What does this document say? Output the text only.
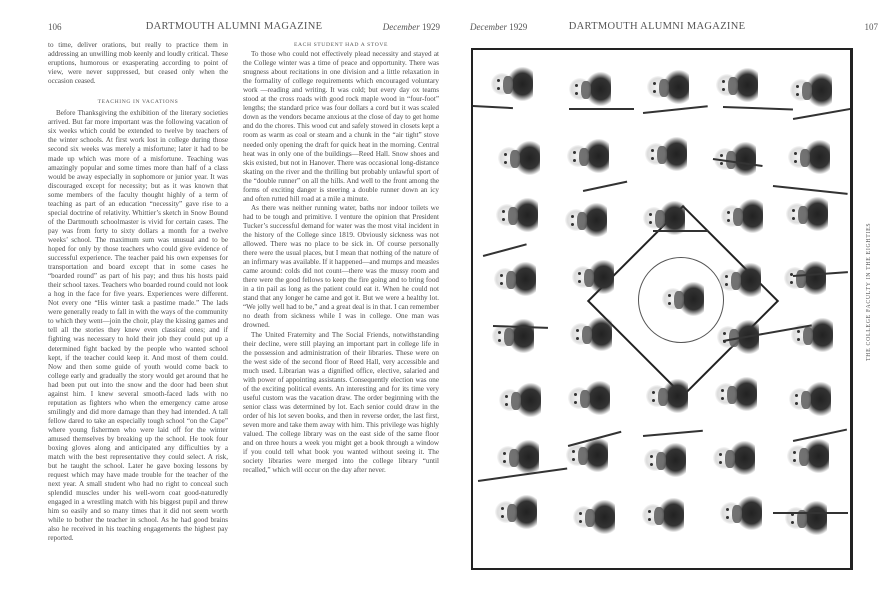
106	DARTMOUTH ALUMNI MAGAZINE	December 1929

to time, deliver orations, but really to practice them in addressing an unwilling mob keenly and loudly critical. These eruptions, humorous or exasperating according to point of view, were never suppressed, but ceased only when the occasion ceased.

TEACHING IN VACATIONS

Before Thanksgiving the exhibition of the literary societies arrived. But far more important was the following vacation of six weeks which could be extended to twelve by teachers of the winter schools. At first work lost in college during those second six weeks was merely a misfortune; later it had to be made up which was more of a misfortune. Teaching was amazingly popular and some times more than half of a class would be away especially in sophomore or junior year. It was discouraged except for necessity; but as it was known that some members of the faculty thought highly of a term of teaching as part of an education “necessity” gave rise to a special doctrine of relativity. Whittier’s sketch in Snow Bound of the Dartmouth schoolmaster is vivid for certain cases. The pay was from forty to sixty dollars a month for a twelve weeks’ school. The maximum sum was unusual and to be hoped for only by those teachers who could give evidence of successful experience. The teacher paid his own expenses for transportation and board except that in some cases he “boarded round” as part of his pay; and thus his hosts paid their school taxes. Teachers who boarded round could not look a hog in the face for five years. Experiences were different. Not every one “His winter task a pastime made.” The lads were generally ready to fall in with the ways of the community to which they went—join the choir, play the kissing games and tell all the stories they knew even classical ones; and if fighting was necessary to hold their job they could put up a determined fight backed by the people who wanted school kept, if the teacher could keep it. And most of them could. Now and then some guide of youth would come back to college early and gradually the story would get around that he had been put out into the snow and the door had been shut against him. I knew several smooth-faced lads with no reputation as fighters who when the emergency came arose smilingly and did more damage than they had intended. A tall fellow dared to take an especially tough school “on the Cape” where young fishermen who were laid off for the winter amused themselves by breaking up the school. He took four boxing gloves along and anticipated any difficulties by a match with the best representative they could select. A risk, but he taught the school. Later he gave boxing lessons by request which may have made trouble for the teacher of the next year. A small student who had no right to conceal such splendid muscles under his well-worn coat good-naturedly engaged in a wrestling match with his biggest pupil and threw him so easily and so many times that it did not seem worth while to bother the teacher in school. As he had good brains also he received in his teaching engagements the highest pay reported.

EACH STUDENT HAD A STOVE

To those who could not effectively plead necessity and stayed at the College winter was a time of peace and opportunity. There was snugness about recitations in one division and a little relaxation in the formality of college requirements which encouraged voluntary work —reading and writing. It was cold; but every day ox teams stood at the cross roads with good rock maple wood in “four-foot” lengths; the standard price was four dollars a cord but it was scaled down as the vendors became anxious at the close of day to get home and do the chores. This wood cut and safely stowed in closets kept a room as warm as coal or steam and a chunk in the “air tight” stove needed only opening the draft for quick heat in the morning. Central heat was in only one of the buildings—Reed Hall. Snow shoes and skis existed, but not in Hanover. There was occasional long-distance skating on the river and the thrilling but probably unlawful sport of the “double runner” on all the hills. And well to the front among the forms of exciting danger is steering a double runner down an icy and often rutted hill road at a mile a minute.

As there was neither running water, baths nor indoor toilets we had to be tough and primitive. I venture the opinion that President Tucker’s successful demand for water was the most vital incident in the history of the College since 1819. Obviously sickness was not allowed. There was no place to be sick in. Of course personally there were the usual places, but I mean that nothing of the nature of an infirmary was available. If it happened—and mumps and measles came around: colds did not count—there was the mussy room and there were the good fellows to keep the fire going and to bring food in a tin pail as long as the patient could eat it. When he could not stand that any longer he came and got it. But we were a healthy lot. “We jolly well had to be,” and a great deal is in that. I can remember no death from sickness while I was in college. One man was drowned.

The United Fraternity and The Social Friends, notwithstanding their decline, were still playing an important part in college life in the possession and administration of their libraries. These were on the west side of the second floor of Reed Hall, very accessible and much used. Librarian was a dignified office, elective, salaried and with power of appointing assistants. Consequently election was one of the exciting political events. An interesting and for its time very useful custom was the vacation draw. The order beginning with the senior class was determined by lot. Each senior could draw in the order of his lot seven books, and then in reverse order, the last first, seven more and take them away with him. This privilege was highly valued. The college library was on the east side of the same floor and on three hours a week you might get a book through a window if you could tell what book you wanted without seeing it. The society libraries were merged into the college library “until recalled,” which will occur on the day after never.

December 1929	DARTMOUTH ALUMNI MAGAZINE	107
THE COLLEGE FACULTY IN THE EIGHTIES
